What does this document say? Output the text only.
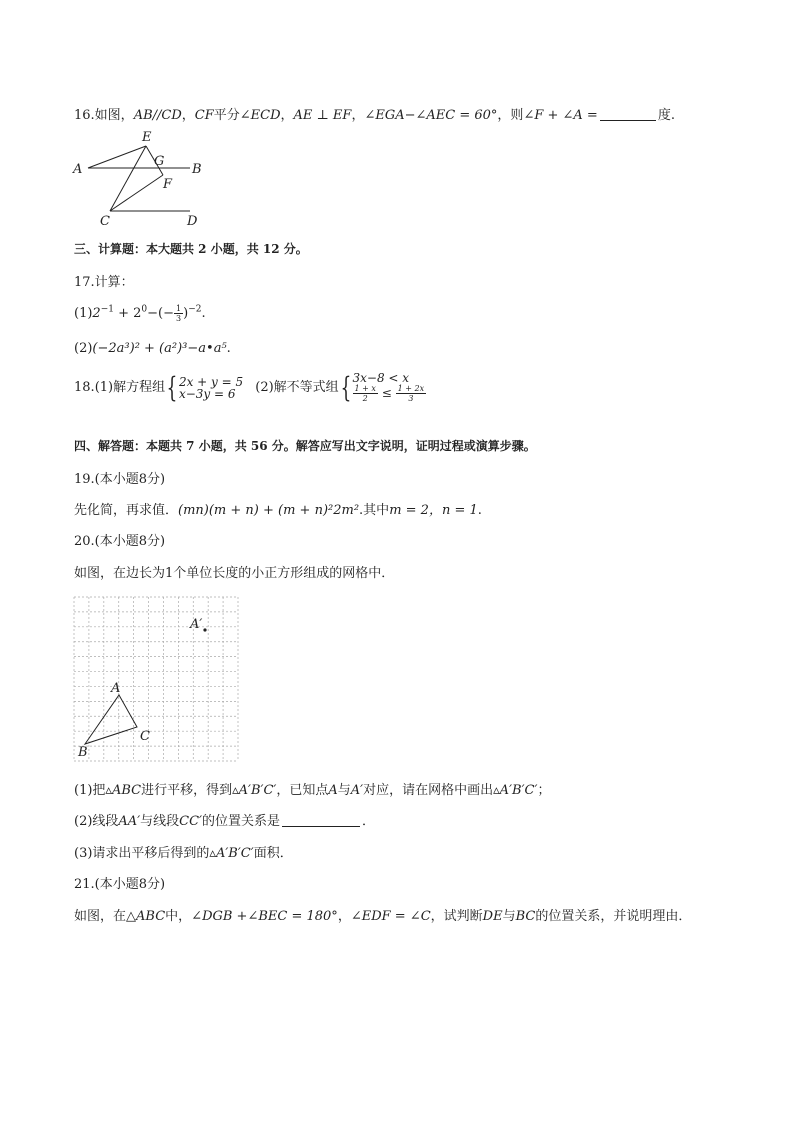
16.如图，AB//CD，CF平分∠ECD，AE ⊥ EF，∠EGA−∠AEC = 60°，则∠F + ∠A =	度.
E
G
A	B
F
C	D
三、计算题：本大题共 2 小题，共 12 分。
17.计算：
$(1)2^{-1} + 2^0-(- \frac{1}{3} )^{-2}$.
(2)(−2a³)² + (a²)³−a•a⁵.
18.(1)解方程组{ 2x + y = 5
x−3y = 6 (2)解不等式组{ 3x−8 < x

$\frac{1 + x}{2} \le \frac{1 + 2x}{3}$
四、解答题：本题共 7 小题，共 56 分。解答应写出文字说明，证明过程或演算步骤。
19.(本小题8分)
先化简，再求值．(mn)(m + n) + (m + n)²2m².其中m = 2，n = 1.
20.(本小题8分)
如图，在边长为1个单位长度的小正方形组成的网格中．
A′
A
B
C
(1)把▵ABC进行平移，得到▵A′B′C′，已知点A与A′对应，请在网格中画出▵A′B′C′；
(2)线段AA′与线段CC′的位置关系是	．
(3)请求出平移后得到的▵A′B′C′面积．
21.(本小题8分)
如图，在△ABC中，∠DGB +∠BEC = 180°，∠EDF = ∠C，试判断DE与BC的位置关系，并说明理由．
